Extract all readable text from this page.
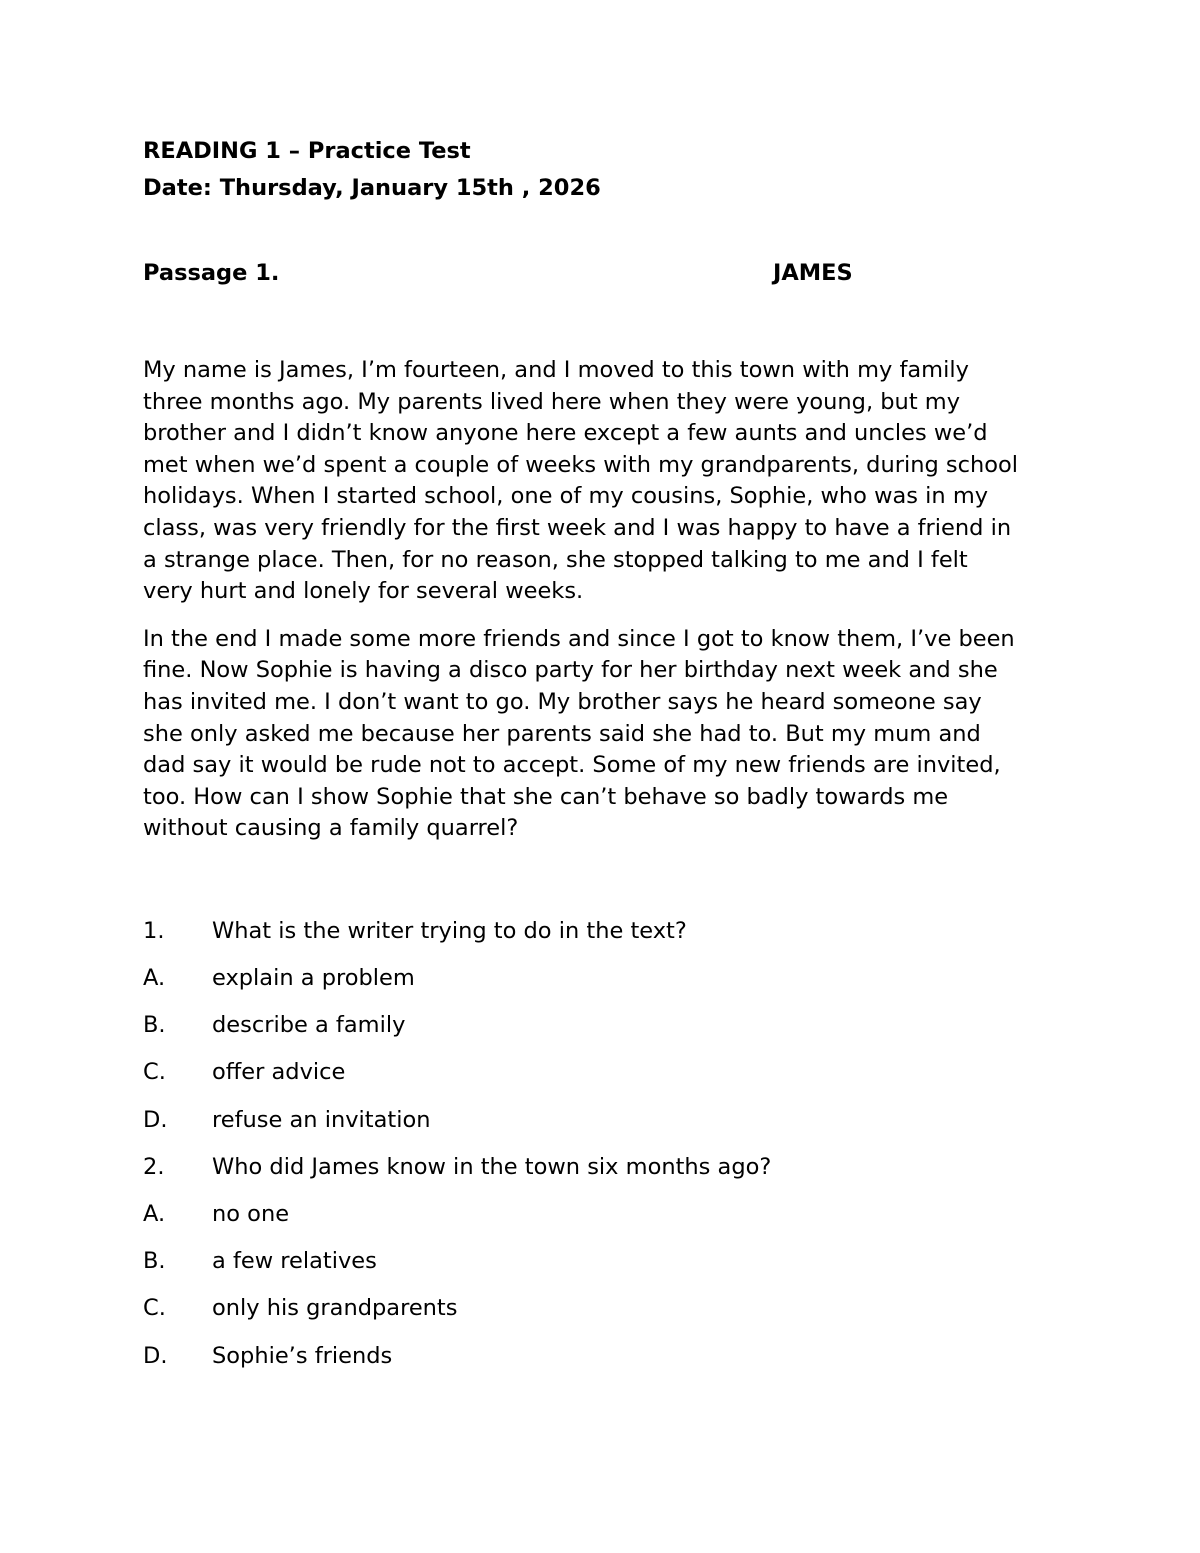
READING 1 – Practice Test
Date: Thursday, January 15th , 2026
Passage 1.	JAMES
My name is James, I’m fourteen, and I moved to this town with my family
three months ago. My parents lived here when they were young, but my
brother and I didn’t know anyone here except a few aunts and uncles we’d
met when we’d spent a couple of weeks with my grandparents, during school
holidays. When I started school, one of my cousins, Sophie, who was in my
class, was very friendly for the first week and I was happy to have a friend in
a strange place. Then, for no reason, she stopped talking to me and I felt
very hurt and lonely for several weeks.
In the end I made some more friends and since I got to know them, I’ve been
fine. Now Sophie is having a disco party for her birthday next week and she
has invited me. I don’t want to go. My brother says he heard someone say
she only asked me because her parents said she had to. But my mum and
dad say it would be rude not to accept. Some of my new friends are invited,
too. How can I show Sophie that she can’t behave so badly towards me
without causing a family quarrel?
1. What is the writer trying to do in the text?
A. explain a problem
B. describe a family
C. offer advice
D. refuse an invitation
2. Who did James know in the town six months ago?
A. no one
B. a few relatives
C. only his grandparents
D. Sophie’s friends
